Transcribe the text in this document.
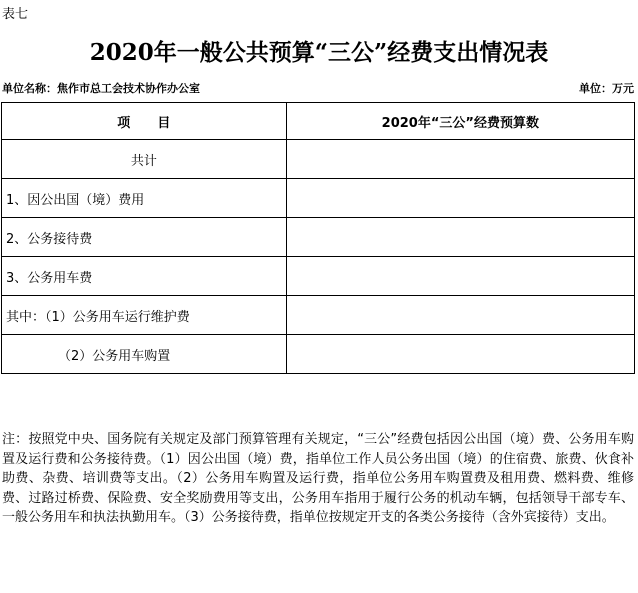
表七
2020年一般公共预算“三公”经费支出情况表
单位名称：焦作市总工会技术协作办公室	单位：万元
项      目	2020年“三公”经费预算数
共计	
1、因公出国（境）费用	
2、公务接待费	
3、公务用车费	
其中：（1）公务用车运行维护费	
（2）公务用车购置	
注：按照党中央、国务院有关规定及部门预算管理有关规定，“三公”经费包括因公出国（境）费、公务用车购置及运行费和公务接待费。（1）因公出国（境）费，指单位工作人员公务出国（境）的住宿费、旅费、伙食补助费、杂费、培训费等支出。（2）公务用车购置及运行费，指单位公务用车购置费及租用费、燃料费、维修费、过路过桥费、保险费、安全奖励费用等支出，公务用车指用于履行公务的机动车辆，包括领导干部专车、一般公务用车和执法执勤用车。（3）公务接待费，指单位按规定开支的各类公务接待（含外宾接待）支出。
